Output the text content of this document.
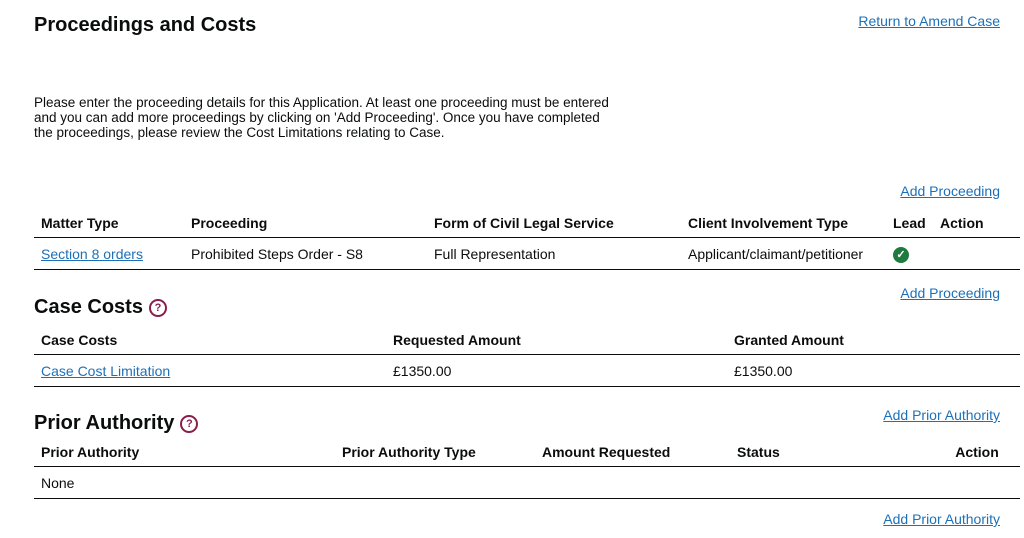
Proceedings and Costs	Return to Amend Case

Please enter the proceeding details for this Application. At least one proceeding must be entered and you can add more proceedings by clicking on 'Add Proceeding'. Once you have completed the proceedings, please review the Cost Limitations relating to Case.

Add Proceeding
Matter Type	Proceeding	Form of Civil Legal Service	Client Involvement Type	Lead	Action
Section 8 orders	Prohibited Steps Order - S8	Full Representation	Applicant/claimant/petitioner	✓	
Add Proceeding
Case Costs	?
Case Costs	Requested Amount	Granted Amount
Case Cost Limitation	£1350.00	£1350.00
Prior Authority	?
Add Prior Authority
Prior Authority	Prior Authority Type	Amount Requested	Status	Action
None
Add Prior Authority
